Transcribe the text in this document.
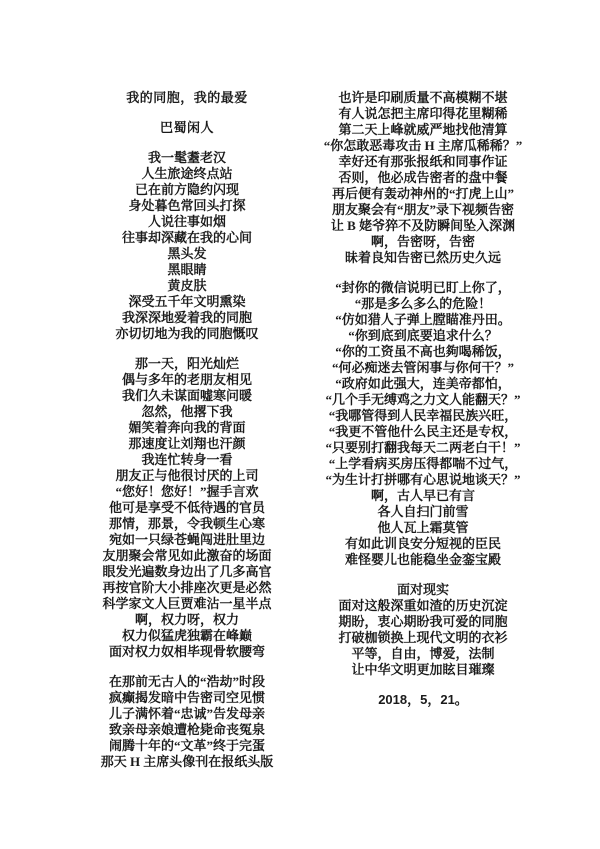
我的同胞，我的最爱
巴蜀闲人
我一髦耋老汉
人生旅途终点站
已在前方隐约闪现
身处暮色常回头打探
人说往事如烟
往事却深藏在我的心间
黑头发
黑眼睛
黄皮肤
深受五千年文明熏染
我深深地爱着我的同胞
亦切切地为我的同胞慨叹
那一天，阳光灿烂
偶与多年的老朋友相见
我们久未谋面嘘寒问暖
忽然，他撂下我
媚笑着奔向我的背面
那速度让刘翔也汗颜
我连忙转身一看
朋友正与他很讨厌的上司
“您好！您好！”握手言欢
他可是享受不低待遇的官员
那情，那景，令我顿生心寒
宛如一只绿苍蝇闯进肚里边
友朋聚会常见如此激奋的场面
眼发光遍数身边出了几多高官
再按官阶大小排座次更是必然
科学家文人巨贾难沾一星半点
啊，权力呀，权力
权力似猛虎独霸在峰巅
面对权力奴相毕现骨软腰弯
在那前无古人的“浩劫”时段
疯癫揭发暗中告密司空见惯
儿子满怀着“忠诚”告发母亲
致亲母亲娘遭枪毙命丧冤泉
闹腾十年的“文革”终于完蛋
那天 H 主席头像刊在报纸头版
也许是印刷质量不高模糊不堪
有人说怎把主席印得花里糊稀
第二天上峰就威严地找他清算
“你怎敢恶毒攻击 H 主席瓜稀稀？”
幸好还有那张报纸和同事作证
否则，他必成告密者的盘中餐
再后便有轰动神州的“打虎上山”
朋友聚会有“朋友”录下视频告密
让 B 姥爷猝不及防瞬间坠入深渊
啊，告密呀，告密
昧着良知告密已然历史久远
“封你的微信说明已盯上你了，
“那是多么多么的危险！
“仿如猎人子弹上膛瞄准丹田。
“你到底到底要追求什么？
“你的工资虽不高也夠喝稀饭，
“何必痴迷去管闲事与你何干？”
“政府如此强大，连美帝都怕，
“几个手无缚鸡之力文人能翻天？”
“我哪管得到人民幸福民族兴旺，
“我更不管他什么民主还是专权，
“只要别打翻我每天二两老白干！”
“上学看病买房压得都喘不过气，
“为生计打拼哪有心思说地谈天？”
啊，古人早已有言
各人自扫门前雪
他人瓦上霜莫管
有如此训良安分短视的臣民
难怪婴儿也能稳坐金銮宝殿
面对现实
面对这般深重如渣的历史沉淀
期盼，衷心期盼我可爱的同胞
打破枷锁换上现代文明的衣衫
平等，自由，博爱，法制
让中华文明更加眩目璀璨
2018，5，21。
